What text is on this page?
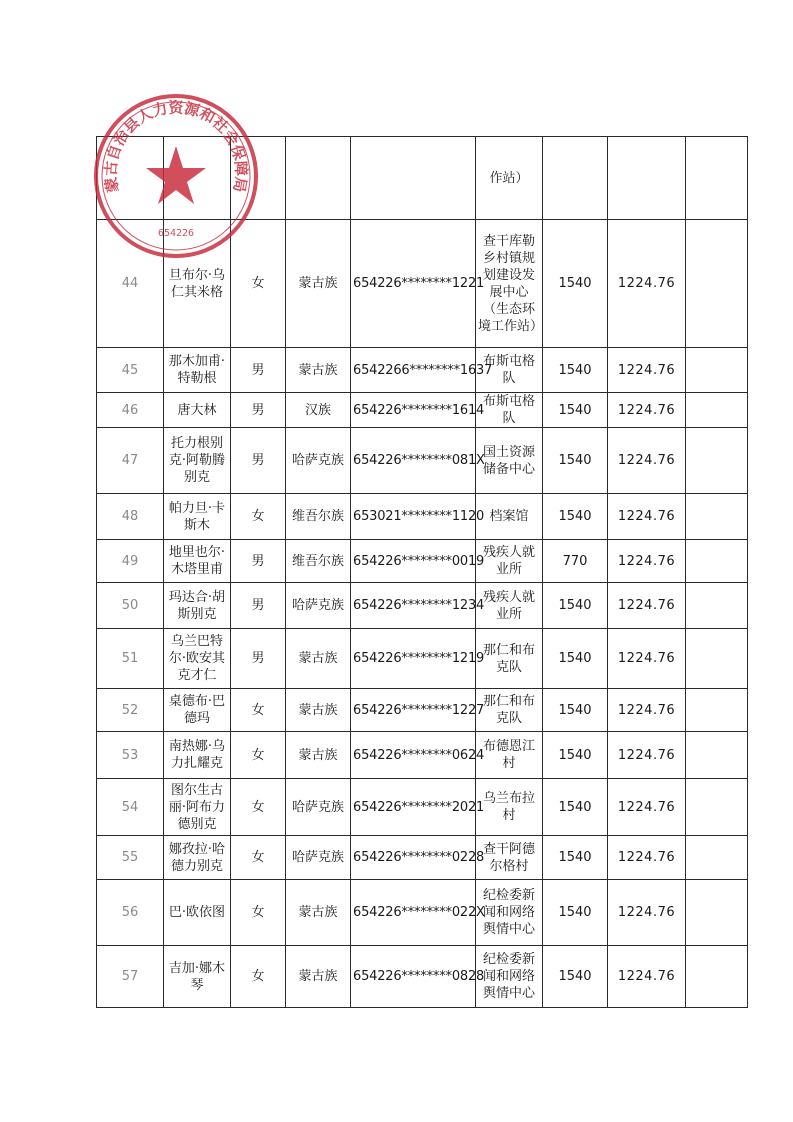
					作站）			
44	旦布尔·乌仁其米格	女	蒙古族	654226********1221	查干库勒乡村镇规划建设发展中心（生态环境工作站）	1540	1224.76	
45	那木加甫·特勒根	男	蒙古族	6542266********1637	布斯屯格队	1540	1224.76	
46	唐大林	男	汉族	654226********1614	布斯屯格队	1540	1224.76	
47	托力根别克·阿勒腾别克	男	哈萨克族	654226********081X	国土资源储备中心	1540	1224.76	
48	帕力旦·卡斯木	女	维吾尔族	653021********1120	档案馆	1540	1224.76	
49	地里也尔·木塔里甫	男	维吾尔族	654226********0019	残疾人就业所	770	1224.76	
50	玛达合·胡斯别克	男	哈萨克族	654226********1234	残疾人就业所	1540	1224.76	
51	乌兰巴特尔·欧安其克才仁	男	蒙古族	654226********1219	那仁和布克队	1540	1224.76	
52	桌德布·巴德玛	女	蒙古族	654226********1227	那仁和布克队	1540	1224.76	
53	南热娜·乌力扎耀克	女	蒙古族	654226********0624	布德恩江村	1540	1224.76	
54	图尔生古丽·阿布力德别克	女	哈萨克族	654226********2021	乌兰布拉村	1540	1224.76	
55	娜孜拉·哈德力别克	女	哈萨克族	654226********0228	查干阿德尔格村	1540	1224.76	
56	巴·欧依图	女	蒙古族	654226********022X	纪检委新闻和网络舆情中心	1540	1224.76	
57	吉加·娜木琴	女	蒙古族	654226********0828	纪检委新闻和网络舆情中心	1540	1224.76	
蒙古自治县人力资源和社会保障局
654226
